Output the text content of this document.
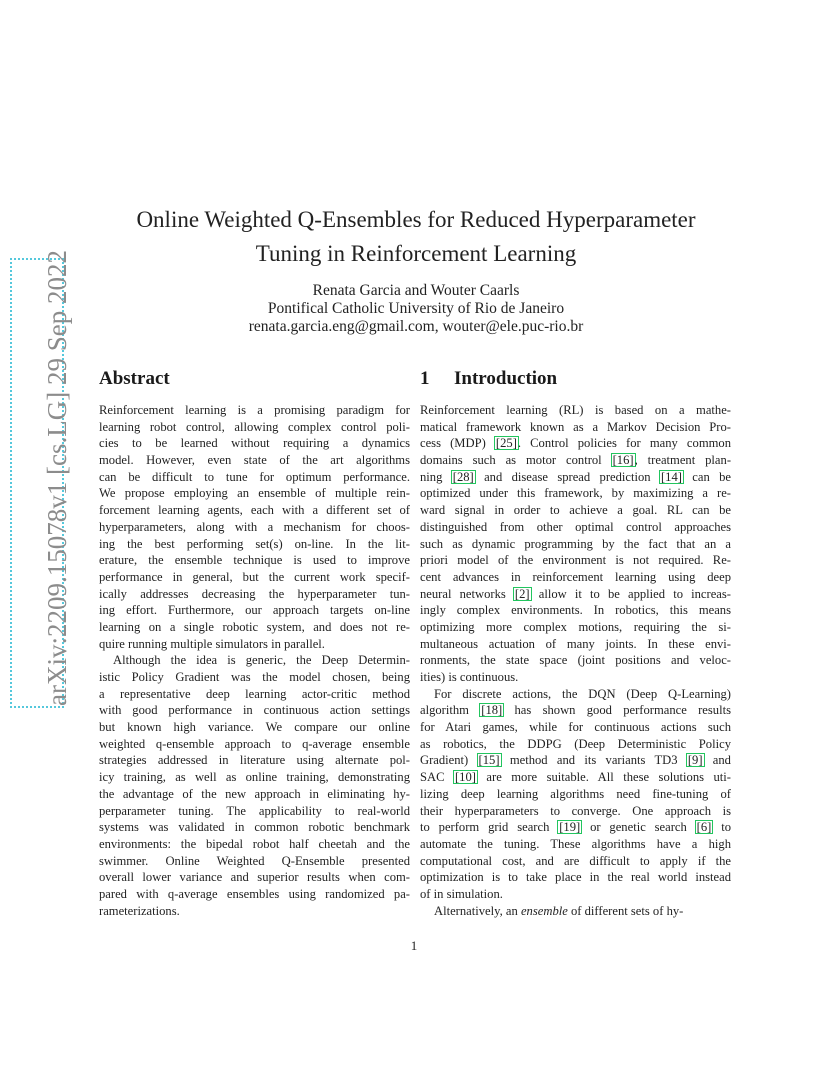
arXiv:2209.15078v1 [cs.LG] 29 Sep 2022
Online Weighted Q-Ensembles for Reduced Hyperparameter
Tuning in Reinforcement Learning
Renata Garcia and Wouter Caarls
Pontifical Catholic University of Rio de Janeiro
renata.garcia.eng@gmail.com, wouter@ele.puc-rio.br
Abstract
Reinforcement learning is a promising paradigm for
learning robot control, allowing complex control poli-
cies to be learned without requiring a dynamics
model. However, even state of the art algorithms
can be difficult to tune for optimum performance.
We propose employing an ensemble of multiple rein-
forcement learning agents, each with a different set of
hyperparameters, along with a mechanism for choos-
ing the best performing set(s) on-line. In the lit-
erature, the ensemble technique is used to improve
performance in general, but the current work specif-
ically addresses decreasing the hyperparameter tun-
ing effort. Furthermore, our approach targets on-line
learning on a single robotic system, and does not re-
quire running multiple simulators in parallel.
Although the idea is generic, the Deep Determin-
istic Policy Gradient was the model chosen, being
a representative deep learning actor-critic method
with good performance in continuous action settings
but known high variance. We compare our online
weighted q-ensemble approach to q-average ensemble
strategies addressed in literature using alternate pol-
icy training, as well as online training, demonstrating
the advantage of the new approach in eliminating hy-
perparameter tuning. The applicability to real-world
systems was validated in common robotic benchmark
environments: the bipedal robot half cheetah and the
swimmer. Online Weighted Q-Ensemble presented
overall lower variance and superior results when com-
pared with q-average ensembles using randomized pa-
rameterizations.
1 Introduction
Reinforcement learning (RL) is based on a mathe-
matical framework known as a Markov Decision Pro-
cess (MDP) [25]. Control policies for many common
domains such as motor control [16], treatment plan-
ning [28] and disease spread prediction [14] can be
optimized under this framework, by maximizing a re-
ward signal in order to achieve a goal. RL can be
distinguished from other optimal control approaches
such as dynamic programming by the fact that an a
priori model of the environment is not required. Re-
cent advances in reinforcement learning using deep
neural networks [2] allow it to be applied to increas-
ingly complex environments. In robotics, this means
optimizing more complex motions, requiring the si-
multaneous actuation of many joints. In these envi-
ronments, the state space (joint positions and veloc-
ities) is continuous.
For discrete actions, the DQN (Deep Q-Learning)
algorithm [18] has shown good performance results
for Atari games, while for continuous actions such
as robotics, the DDPG (Deep Deterministic Policy
Gradient) [15] method and its variants TD3 [9] and
SAC [10] are more suitable. All these solutions uti-
lizing deep learning algorithms need fine-tuning of
their hyperparameters to converge. One approach is
to perform grid search [19] or genetic search [6] to
automate the tuning. These algorithms have a high
computational cost, and are difficult to apply if the
optimization is to take place in the real world instead
of in simulation.
Alternatively, an ensemble of different sets of hy-
1
